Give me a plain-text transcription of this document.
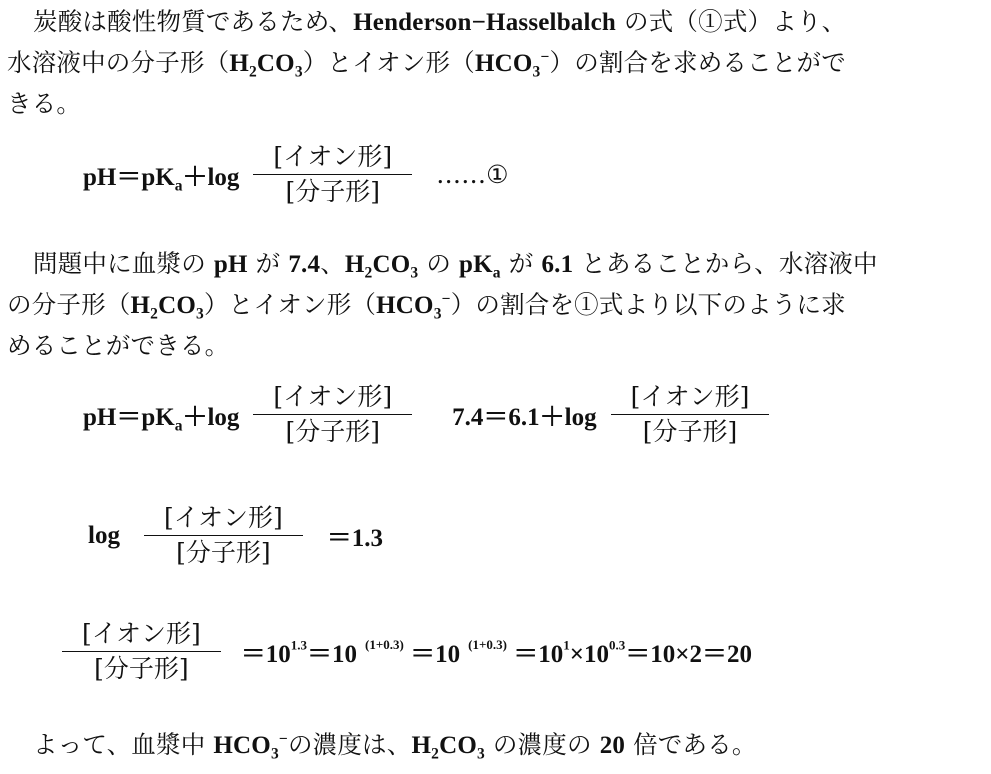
炭酸は酸性物質であるため、Henderson−Hasselbalch の式（①式）より、
水溶液中の分子形$(H_2CO_3)$とイオン形$(HCO_3^-)$の割合を求めることがで
きる。
$pH=pK_a+\log \frac{\text{[イオン形]}}{\text{[分子形]}}$ ……①
問題中に血漿の pH が 7.4、$H_2CO_3$ の $pK_a$ が 6.1 とあることから、水溶液中
の分子形$(H_2CO_3)$とイオン形$(HCO_3^-)$の割合を①式より以下のように求
めることができる。
$pH=pK_a+\log \frac{\text{[イオン形]}}{\text{[分子形]}} 7.4=6.1+\log \frac{\text{[イオン形]}}{\text{[分子形]}}$
$\log \frac{\text{[イオン形]}}{\text{[分子形]}} =1.3$
$\frac{\text{[イオン形]}}{\text{[分子形]}} =10^{1.3}=10$ $^{(1+0.3)}$ ＝10 $^{(1+0.3)} =10^1\times 10^{0.3}=10\times 2=20$
よって、血漿中 $HCO_3^-$の濃度は、$H_2CO_3$ の濃度の 20 倍である。
